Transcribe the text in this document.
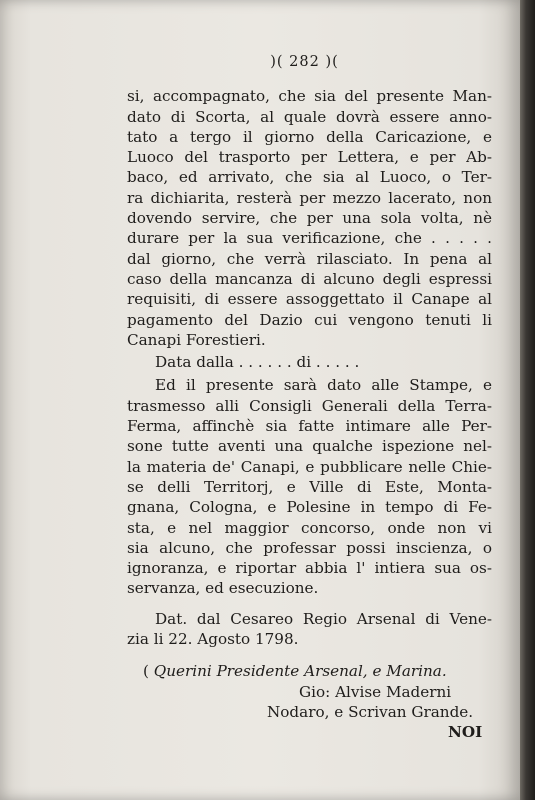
)( 282 )(
si, accompagnato, che sia del presente Man-
dato di Scorta, al quale dovrà essere anno-
tato a tergo il giorno della Caricazione, e
Luoco del trasporto per Lettera, e per Ab-
baco, ed arrivato, che sia al Luoco, o Ter-
ra dichiarita, resterà per mezzo lacerato, non
dovendo servire, che per una sola volta, nè
durare per la sua verificazione, che . . . . .
dal giorno, che verrà rilasciato. In pena al
caso della mancanza di alcuno degli espressi
requisiti, di essere assoggettato il Canape al
pagamento del Dazio cui vengono tenuti li
Canapi Forestieri.
Data dalla . . . . . . di . . . . .
Ed il presente sarà dato alle Stampe, e
trasmesso alli Consigli Generali della Terra-
Ferma, affinchè sia fatte intimare alle Per-
sone tutte aventi una qualche ispezione nel-
la materia de' Canapi, e pubblicare nelle Chie-
se delli Territorj, e Ville di Este, Monta-
gnana, Cologna, e Polesine in tempo di Fe-
sta, e nel maggior concorso, onde non vi
sia alcuno, che professar possi inscienza, o
ignoranza, e riportar abbia l' intiera sua os-
servanza, ed esecuzione.
Dat. dal Cesareo Regio Arsenal di Vene-
zia li 22. Agosto 1798.
( Querini Presidente Arsenal, e Marina.
Gio: Alvise Maderni
Nodaro, e Scrivan Grande.
NOI
